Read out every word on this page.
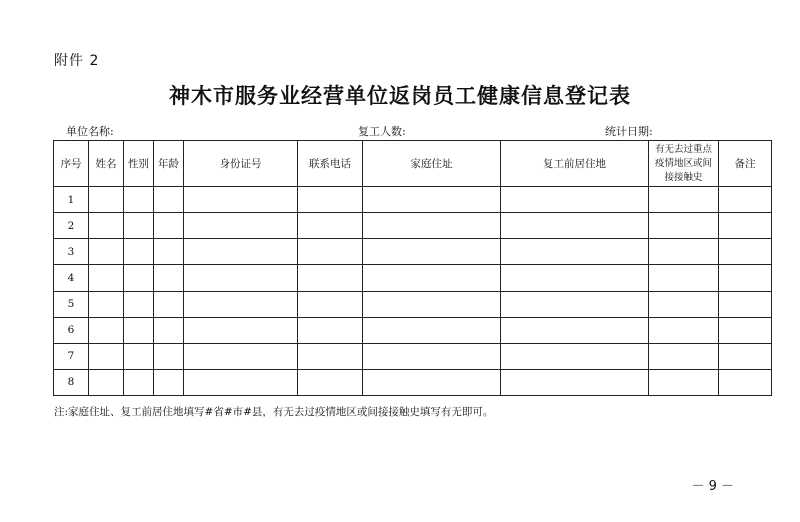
附件 2
神木市服务业经营单位返岗员工健康信息登记表
单位名称:	复工人数:	统计日期:
序号	姓名	性别	年龄	身份证号	联系电话	家庭住址	复工前居住地	有无去过重点疫情地区或间接接触史	备注
1									
2									
3									
4									
5									
6									
7									
8									
注:家庭住址、复工前居住地填写#省#市#县，有无去过疫情地区或间接接触史填写有无即可。
－ 9 －
